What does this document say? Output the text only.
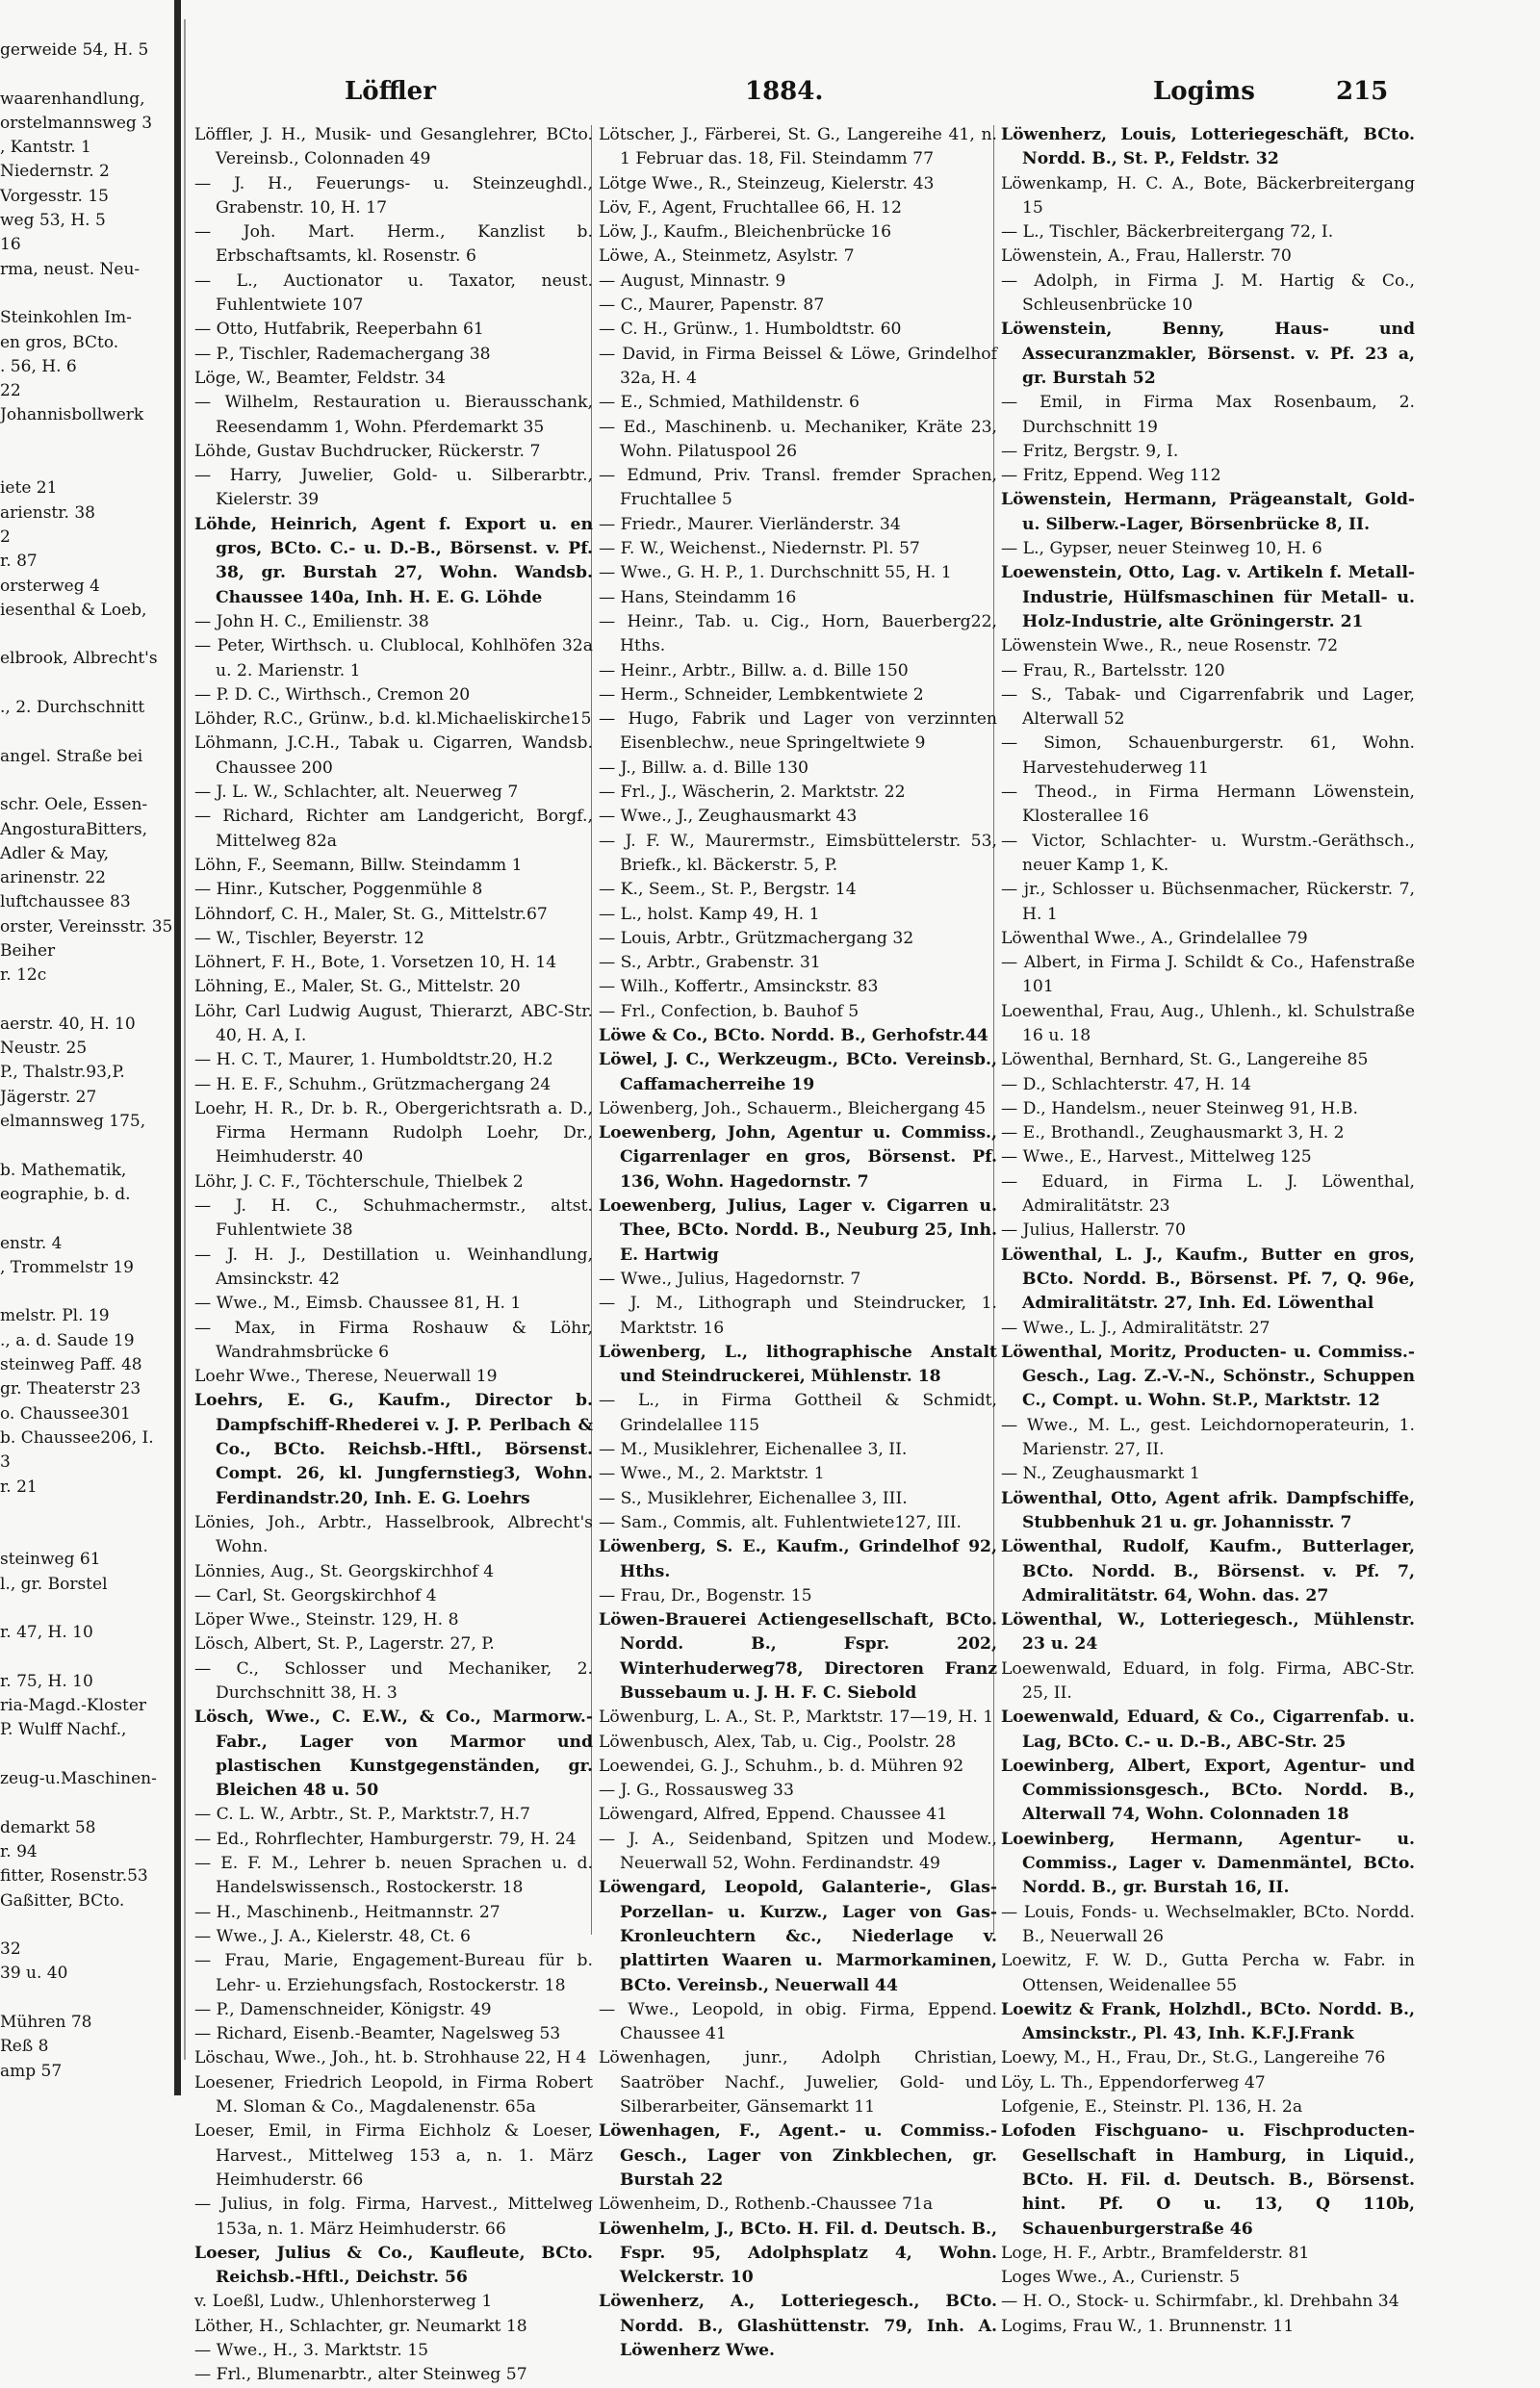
gerweide 54, H. 5

waarenhandlung,
orstelmannsweg 3
, Kantstr. 1
Niedernstr. 2
Vorgesstr. 15
weg 53, H. 5
16
rma, neust. Neu-

Steinkohlen Im-
en gros, BCto.
. 56, H. 6
22
Johannisbollwerk

iete 21
arienstr. 38
2
r. 87
orsterweg 4
iesenthal & Loeb,

elbrook, Albrecht's

., 2. Durchschnitt

angel. Straße bei

schr. Oele, Essen-
AngosturaBitters,
Adler & May,
arinenstr. 22
luftchaussee 83
orster, Vereinsstr. 35
Beiher
r. 12c

aerstr. 40, H. 10
Neustr. 25
P., Thalstr.93,P.
Jägerstr. 27
elmannsweg 175,

b. Mathematik,
eographie, b. d.

enstr. 4
, Trommelstr 19

melstr. Pl. 19
., a. d. Saude 19
steinweg Paff. 48
gr. Theaterstr 23
o. Chaussee301
b. Chaussee206, I.
3
r. 21

steinweg 61
l., gr. Borstel

r. 47, H. 10

r. 75, H. 10
ria-Magd.-Kloster
P. Wulff Nachf.,

zeug-u.Maschinen-

demarkt 58
r. 94
fitter, Rosenstr.53
Gaßitter, BCto.

32
39 u. 40

Mühren 78
Reß 8
amp 57
Löffler	1884.	Logims	215

Löffler, J. H., Musik- und Gesanglehrer, BCto. Vereinsb., Colonnaden 49

— J. H., Feuerungs- u. Steinzeughdl., Grabenstr. 10, H. 17

— Joh. Mart. Herm., Kanzlist b. Erbschaftsamts, kl. Rosenstr. 6

— L., Auctionator u. Taxator, neust. Fuhlentwiete 107

— Otto, Hutfabrik, Reeperbahn 61

— P., Tischler, Rademachergang 38

Löge, W., Beamter, Feldstr. 34

— Wilhelm, Restauration u. Bierausschank, Reesendamm 1, Wohn. Pferdemarkt 35

Löhde, Gustav Buchdrucker, Rückerstr. 7

— Harry, Juwelier, Gold- u. Silberarbtr., Kielerstr. 39

Löhde, Heinrich, Agent f. Export u. en gros, BCto. C.- u. D.-B., Börsenst. v. Pf. 38, gr. Burstah 27, Wohn. Wandsb. Chaussee 140a, Inh. H. E. G. Löhde

— John H. C., Emilienstr. 38

— Peter, Wirthsch. u. Clublocal, Kohlhöfen 32a u. 2. Marienstr. 1

— P. D. C., Wirthsch., Cremon 20

Löhder, R.C., Grünw., b.d. kl.Michaeliskirche15

Löhmann, J.C.H., Tabak u. Cigarren, Wandsb. Chaussee 200

— J. L. W., Schlachter, alt. Neuerweg 7

— Richard, Richter am Landgericht, Borgf., Mittelweg 82a

Löhn, F., Seemann, Billw. Steindamm 1

— Hinr., Kutscher, Poggenmühle 8

Löhndorf, C. H., Maler, St. G., Mittelstr.67

— W., Tischler, Beyerstr. 12

Löhnert, F. H., Bote, 1. Vorsetzen 10, H. 14

Löhning, E., Maler, St. G., Mittelstr. 20

Löhr, Carl Ludwig August, Thierarzt, ABC-Str. 40, H. A, I.

— H. C. T., Maurer, 1. Humboldtstr.20, H.2

— H. E. F., Schuhm., Grützmachergang 24

Loehr, H. R., Dr. b. R., Obergerichtsrath a. D., Firma Hermann Rudolph Loehr, Dr., Heimhuderstr. 40

Löhr, J. C. F., Töchterschule, Thielbek 2

— J. H. C., Schuhmachermstr., altst. Fuhlentwiete 38

— J. H. J., Destillation u. Weinhandlung, Amsinckstr. 42

— Wwe., M., Eimsb. Chaussee 81, H. 1

— Max, in Firma Roshauw & Löhr, Wandrahmsbrücke 6

Loehr Wwe., Therese, Neuerwall 19

Loehrs, E. G., Kaufm., Director b. Dampfschiff-Rhederei v. J. P. Perlbach & Co., BCto. Reichsb.-Hftl., Börsenst. Compt. 26, kl. Jungfernstieg3, Wohn. Ferdinandstr.20, Inh. E. G. Loehrs

Lönies, Joh., Arbtr., Hasselbrook, Albrecht's Wohn.

Lönnies, Aug., St. Georgskirchhof 4

— Carl, St. Georgskirchhof 4

Löper Wwe., Steinstr. 129, H. 8

Lösch, Albert, St. P., Lagerstr. 27, P.

— C., Schlosser und Mechaniker, 2. Durchschnitt 38, H. 3

Lösch, Wwe., C. E.W., & Co., Marmorw.-Fabr., Lager von Marmor und plastischen Kunstgegenständen, gr. Bleichen 48 u. 50

— C. L. W., Arbtr., St. P., Marktstr.7, H.7

— Ed., Rohrflechter, Hamburgerstr. 79, H. 24

— E. F. M., Lehrer b. neuen Sprachen u. d. Handelswissensch., Rostockerstr. 18

— H., Maschinenb., Heitmannstr. 27

— Wwe., J. A., Kielerstr. 48, Ct. 6

— Frau, Marie, Engagement-Bureau für b. Lehr- u. Erziehungsfach, Rostockerstr. 18

— P., Damenschneider, Königstr. 49

— Richard, Eisenb.-Beamter, Nagelsweg 53

Löschau, Wwe., Joh., ht. b. Strohhause 22, H 4

Loesener, Friedrich Leopold, in Firma Robert M. Sloman & Co., Magdalenenstr. 65a

Loeser, Emil, in Firma Eichholz & Loeser, Harvest., Mittelweg 153 a, n. 1. März Heimhuderstr. 66

— Julius, in folg. Firma, Harvest., Mittelweg 153a, n. 1. März Heimhuderstr. 66

Loeser, Julius & Co., Kaufleute, BCto. Reichsb.-Hftl., Deichstr. 56

v. Loeßl, Ludw., Uhlenhorsterweg 1

Löther, H., Schlachter, gr. Neumarkt 18

— Wwe., H., 3. Marktstr. 15

— Frl., Blumenarbtr., alter Steinweg 57

Lötscher, J., Färberei, St. G., Langereihe 41, n. 1 Februar das. 18, Fil. Steindamm 77

Lötge Wwe., R., Steinzeug, Kielerstr. 43

Löv, F., Agent, Fruchtallee 66, H. 12

Löw, J., Kaufm., Bleichenbrücke 16

Löwe, A., Steinmetz, Asylstr. 7

— August, Minnastr. 9

— C., Maurer, Papenstr. 87

— C. H., Grünw., 1. Humboldtstr. 60

— David, in Firma Beissel & Löwe, Grindelhof 32a, H. 4

— E., Schmied, Mathildenstr. 6

— Ed., Maschinenb. u. Mechaniker, Kräte 23, Wohn. Pilatuspool 26

— Edmund, Priv. Transl. fremder Sprachen, Fruchtallee 5

— Friedr., Maurer. Vierländerstr. 34

— F. W., Weichenst., Niedernstr. Pl. 57

— Wwe., G. H. P., 1. Durchschnitt 55, H. 1

— Hans, Steindamm 16

— Heinr., Tab. u. Cig., Horn, Bauerberg22, Hths.

— Heinr., Arbtr., Billw. a. d. Bille 150

— Herm., Schneider, Lembkentwiete 2

— Hugo, Fabrik und Lager von verzinnten Eisenblechw., neue Springeltwiete 9

— J., Billw. a. d. Bille 130

— Frl., J., Wäscherin, 2. Marktstr. 22

— Wwe., J., Zeughausmarkt 43

— J. F. W., Maurermstr., Eimsbüttelerstr. 53, Briefk., kl. Bäckerstr. 5, P.

— K., Seem., St. P., Bergstr. 14

— L., holst. Kamp 49, H. 1

— Louis, Arbtr., Grützmachergang 32

— S., Arbtr., Grabenstr. 31

— Wilh., Koffertr., Amsinckstr. 83

— Frl., Confection, b. Bauhof 5

Löwe & Co., BCto. Nordd. B., Gerhofstr.44

Löwel, J. C., Werkzeugm., BCto. Vereinsb., Caffamacherreihe 19

Löwenberg, Joh., Schauerm., Bleichergang 45

Loewenberg, John, Agentur u. Commiss., Cigarrenlager en gros, Börsenst. Pf. 136, Wohn. Hagedornstr. 7

Loewenberg, Julius, Lager v. Cigarren u. Thee, BCto. Nordd. B., Neuburg 25, Inh. E. Hartwig

— Wwe., Julius, Hagedornstr. 7

— J. M., Lithograph und Steindrucker, 1. Marktstr. 16

Löwenberg, L., lithographische Anstalt und Steindruckerei, Mühlenstr. 18

— L., in Firma Gottheil & Schmidt, Grindelallee 115

— M., Musiklehrer, Eichenallee 3, II.

— Wwe., M., 2. Marktstr. 1

— S., Musiklehrer, Eichenallee 3, III.

— Sam., Commis, alt. Fuhlentwiete127, III.

Löwenberg, S. E., Kaufm., Grindelhof 92, Hths.

— Frau, Dr., Bogenstr. 15

Löwen-Brauerei Actiengesellschaft, BCto. Nordd. B., Fspr. 202, Winterhuderweg78, Directoren Franz Bussebaum u. J. H. F. C. Siebold

Löwenburg, L. A., St. P., Marktstr. 17—19, H. 1

Löwenbusch, Alex, Tab, u. Cig., Poolstr. 28

Loewendei, G. J., Schuhm., b. d. Mühren 92

— J. G., Rossausweg 33

Löwengard, Alfred, Eppend. Chaussee 41

— J. A., Seidenband, Spitzen und Modew., Neuerwall 52, Wohn. Ferdinandstr. 49

Löwengard, Leopold, Galanterie-, Glas-Porzellan- u. Kurzw., Lager von Gas-Kronleuchtern &c., Niederlage v. plattirten Waaren u. Marmorkaminen, BCto. Vereinsb., Neuerwall 44

— Wwe., Leopold, in obig. Firma, Eppend. Chaussee 41

Löwenhagen, junr., Adolph Christian, Saatröber Nachf., Juwelier, Gold- und Silberarbeiter, Gänsemarkt 11

Löwenhagen, F., Agent.- u. Commiss.-Gesch., Lager von Zinkblechen, gr. Burstah 22

Löwenheim, D., Rothenb.-Chaussee 71a

Löwenhelm, J., BCto. H. Fil. d. Deutsch. B., Fspr. 95, Adolphsplatz 4, Wohn. Welckerstr. 10

Löwenherz, A., Lotteriegesch., BCto. Nordd. B., Glashüttenstr. 79, Inh. A. Löwenherz Wwe.

Löwenherz, Louis, Lotteriegeschäft, BCto. Nordd. B., St. P., Feldstr. 32

Löwenkamp, H. C. A., Bote, Bäckerbreitergang 15

— L., Tischler, Bäckerbreitergang 72, I.

Löwenstein, A., Frau, Hallerstr. 70

— Adolph, in Firma J. M. Hartig & Co., Schleusenbrücke 10

Löwenstein, Benny, Haus- und Assecuranzmakler, Börsenst. v. Pf. 23 a, gr. Burstah 52

— Emil, in Firma Max Rosenbaum, 2. Durchschnitt 19

— Fritz, Bergstr. 9, I.

— Fritz, Eppend. Weg 112

Löwenstein, Hermann, Prägeanstalt, Gold- u. Silberw.-Lager, Börsenbrücke 8, II.

— L., Gypser, neuer Steinweg 10, H. 6

Loewenstein, Otto, Lag. v. Artikeln f. Metall-Industrie, Hülfsmaschinen für Metall- u. Holz-Industrie, alte Gröningerstr. 21

Löwenstein Wwe., R., neue Rosenstr. 72

— Frau, R., Bartelsstr. 120

— S., Tabak- und Cigarrenfabrik und Lager, Alterwall 52

— Simon, Schauenburgerstr. 61, Wohn. Harvestehuderweg 11

— Theod., in Firma Hermann Löwenstein, Klosterallee 16

— Victor, Schlachter- u. Wurstm.-Geräthsch., neuer Kamp 1, K.

— jr., Schlosser u. Büchsenmacher, Rückerstr. 7, H. 1

Löwenthal Wwe., A., Grindelallee 79

— Albert, in Firma J. Schildt & Co., Hafenstraße 101

Loewenthal, Frau, Aug., Uhlenh., kl. Schulstraße 16 u. 18

Löwenthal, Bernhard, St. G., Langereihe 85

— D., Schlachterstr. 47, H. 14

— D., Handelsm., neuer Steinweg 91, H.B.

— E., Brothandl., Zeughausmarkt 3, H. 2

— Wwe., E., Harvest., Mittelweg 125

— Eduard, in Firma L. J. Löwenthal, Admiralitätstr. 23

— Julius, Hallerstr. 70

Löwenthal, L. J., Kaufm., Butter en gros, BCto. Nordd. B., Börsenst. Pf. 7, Q. 96e, Admiralitätstr. 27, Inh. Ed. Löwenthal

— Wwe., L. J., Admiralitätstr. 27

Löwenthal, Moritz, Producten- u. Commiss.-Gesch., Lag. Z.-V.-N., Schönstr., Schuppen C., Compt. u. Wohn. St.P., Marktstr. 12

— Wwe., M. L., gest. Leichdornoperateurin, 1. Marienstr. 27, II.

— N., Zeughausmarkt 1

Löwenthal, Otto, Agent afrik. Dampfschiffe, Stubbenhuk 21 u. gr. Johannisstr. 7

Löwenthal, Rudolf, Kaufm., Butterlager, BCto. Nordd. B., Börsenst. v. Pf. 7, Admiralitätstr. 64, Wohn. das. 27

Löwenthal, W., Lotteriegesch., Mühlenstr. 23 u. 24

Loewenwald, Eduard, in folg. Firma, ABC-Str. 25, II.

Loewenwald, Eduard, & Co., Cigarrenfab. u. Lag, BCto. C.- u. D.-B., ABC-Str. 25

Loewinberg, Albert, Export, Agentur- und Commissionsgesch., BCto. Nordd. B., Alterwall 74, Wohn. Colonnaden 18

Loewinberg, Hermann, Agentur- u. Commiss., Lager v. Damenmäntel, BCto. Nordd. B., gr. Burstah 16, II.

— Louis, Fonds- u. Wechselmakler, BCto. Nordd. B., Neuerwall 26

Loewitz, F. W. D., Gutta Percha w. Fabr. in Ottensen, Weidenallee 55

Loewitz & Frank, Holzhdl., BCto. Nordd. B., Amsinckstr., Pl. 43, Inh. K.F.J.Frank

Loewy, M., H., Frau, Dr., St.G., Langereihe 76

Löy, L. Th., Eppendorferweg 47

Lofgenie, E., Steinstr. Pl. 136, H. 2a

Lofoden Fischguano- u. Fischproducten-Gesellschaft in Hamburg, in Liquid., BCto. H. Fil. d. Deutsch. B., Börsenst. hint. Pf. O u. 13, Q 110b, Schauenburgerstraße 46

Loge, H. F., Arbtr., Bramfelderstr. 81

Loges Wwe., A., Curienstr. 5

— H. O., Stock- u. Schirmfabr., kl. Drehbahn 34

Logims, Frau W., 1. Brunnenstr. 11
